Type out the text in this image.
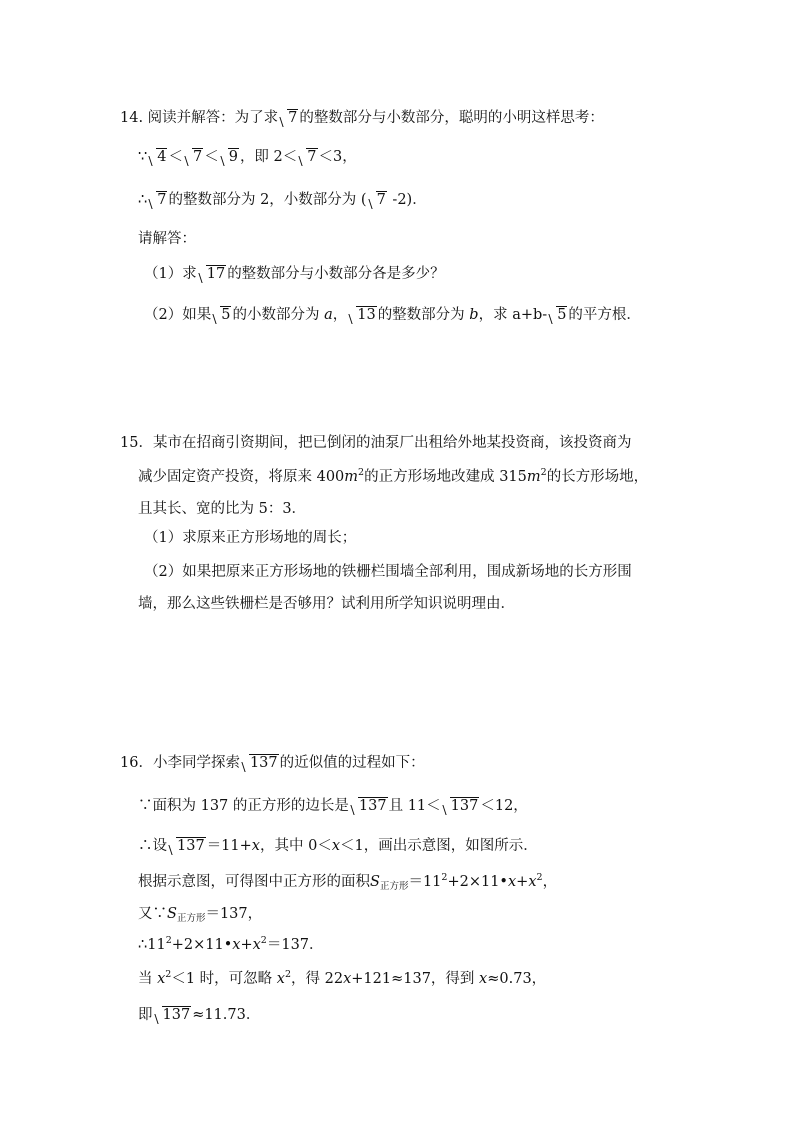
14. 阅读并解答：为了求 7 的整数部分与小数部分，聪明的小明这样思考：
∵ 4 ＜ 7 ＜ 9 ，即 2＜ 7 ＜3，
∴ 7 的整数部分为 2，小数部分为 ( 7 -2)．
请解答：
（1）求 17 的整数部分与小数部分各是多少？
（2）如果 5 的小数部分为 a， 13 的整数部分为 b，求 a+b- 5 的平方根．
15．某市在招商引资期间，把已倒闭的油泵厂出租给外地某投资商，该投资商为
减少固定资产投资，将原来 $400m^2$的正方形场地改建成 $315m^2$的长方形场地，
且其长、宽的比为 5：3．
（1）求原来正方形场地的周长；
（2）如果把原来正方形场地的铁栅栏围墙全部利用，围成新场地的长方形围
墙，那么这些铁栅栏是否够用？试利用所学知识说明理由．
16．小李同学探索 137 的近似值的过程如下：
∵面积为 137 的正方形的边长是 137 且 11＜ 137 ＜12，
∴设 137 ＝11+x，其中 0＜x＜1，画出示意图，如图所示．
根据示意图，可得图中正方形的面积$S_{正方形}=11^2+2\times 11•x+x^2$，
又$\because S_{正方形}=137$，
$\therefore 11^2+2\times 11•x+x^2=137$．
当 $x^2<1$ 时，可忽略 $x^2$，得 22x+121≈137，得到 x≈0.73，
即 137 ≈11.73．
